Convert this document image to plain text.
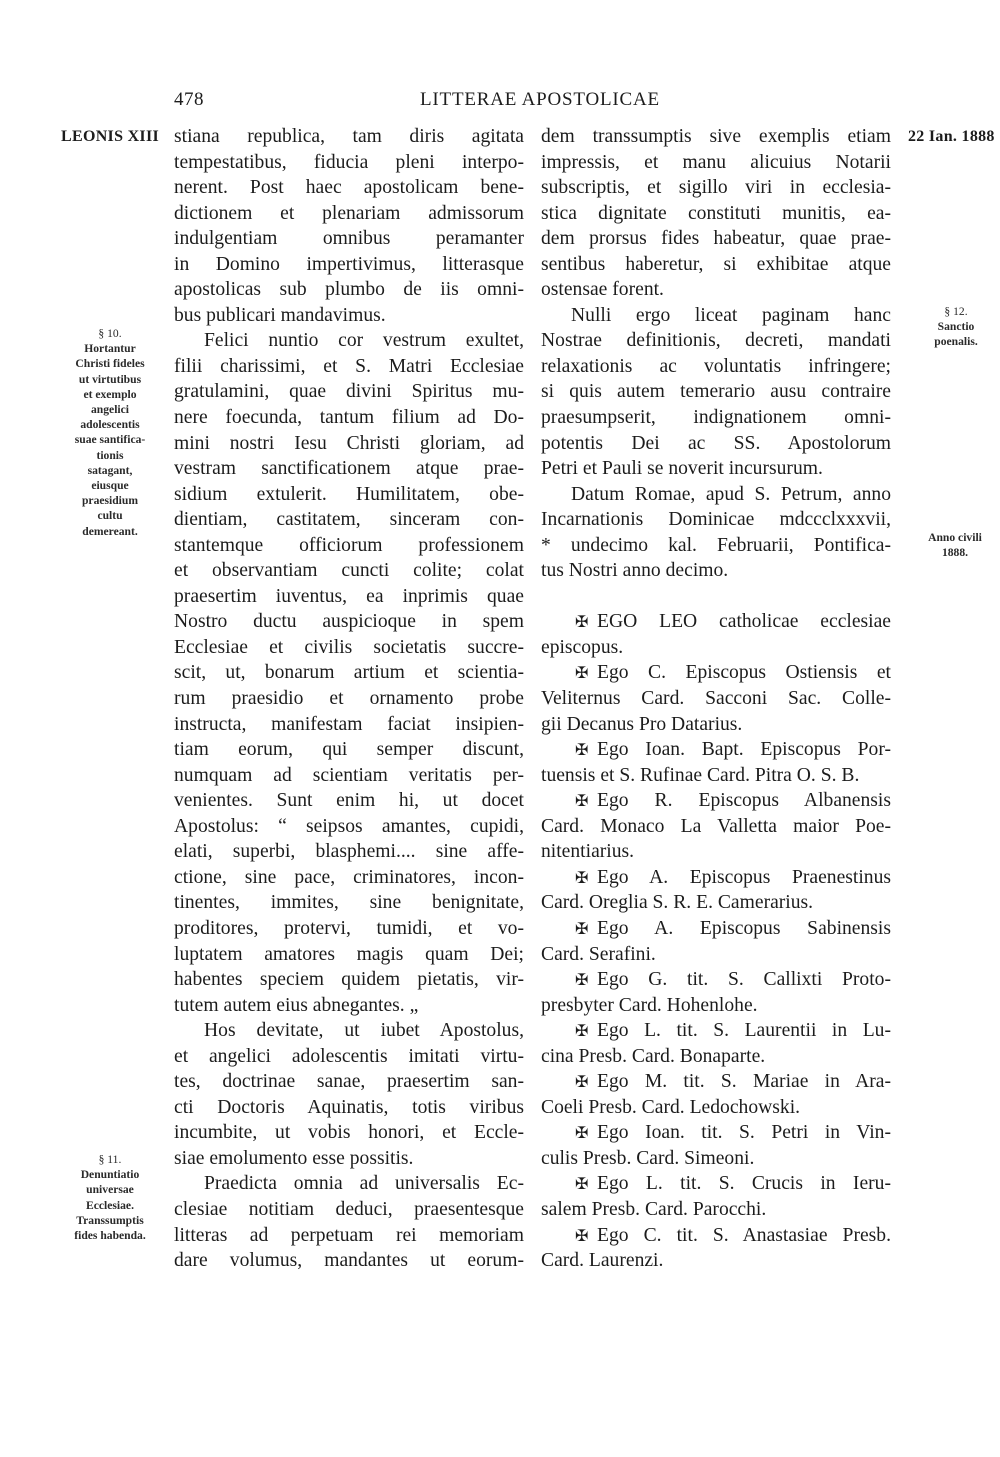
478	LITTERAE APOSTOLICAE
LEONIS XIII	22 Ian. 1888
§ 10.
Hortantur
Christi fideles
ut virtutibus
et exemplo
angelici
adolescentis
suae santifica-
tionis
satagant,
eiusque
praesidium
cultu
demereant.
§ 11.
Denuntiatio
universae
Ecclesiae.
Transsumptis
fides habenda.
§ 12.
Sanctio
poenalis.
Anno civili
1888.
stiana republica, tam diris agitata
tempestatibus, fiducia pleni interpo-
nerent. Post haec apostolicam bene-
dictionem et plenariam admissorum
indulgentiam omnibus peramanter
in Domino impertivimus, litterasque
apostolicas sub plumbo de iis omni-
bus publicari mandavimus.
Felici nuntio cor vestrum exultet,
filii charissimi, et S. Matri Ecclesiae
gratulamini, quae divini Spiritus mu-
nere foecunda, tantum filium ad Do-
mini nostri Iesu Christi gloriam, ad
vestram sanctificationem atque prae-
sidium extulerit. Humilitatem, obe-
dientiam, castitatem, sinceram con-
stantemque officiorum professionem
et observantiam cuncti colite; colat
praesertim iuventus, ea inprimis quae
Nostro ductu auspicioque in spem
Ecclesiae et civilis societatis succre-
scit, ut, bonarum artium et scientia-
rum praesidio et ornamento probe
instructa, manifestam faciat insipien-
tiam eorum, qui semper discunt,
numquam ad scientiam veritatis per-
venientes. Sunt enim hi, ut docet
Apostolus: “ seipsos amantes, cupidi,
elati, superbi, blasphemi.... sine affe-
ctione, sine pace, criminatores, incon-
tinentes, immites, sine benignitate,
proditores, protervi, tumidi, et vo-
luptatem amatores magis quam Dei;
habentes speciem quidem pietatis, vir-
tutem autem eius abnegantes. „
Hos devitate, ut iubet Apostolus,
et angelici adolescentis imitati virtu-
tes, doctrinae sanae, praesertim san-
cti Doctoris Aquinatis, totis viribus
incumbite, ut vobis honori, et Eccle-
siae emolumento esse possitis.
Praedicta omnia ad universalis Ec-
clesiae notitiam deduci, praesentesque
litteras ad perpetuam rei memoriam
dare volumus, mandantes ut eorum-
dem transsumptis sive exemplis etiam
impressis, et manu alicuius Notarii
subscriptis, et sigillo viri in ecclesia-
stica dignitate constituti munitis, ea-
dem prorsus fides habeatur, quae prae-
sentibus haberetur, si exhibitae atque
ostensae forent.
Nulli ergo liceat paginam hanc
Nostrae definitionis, decreti, mandati
relaxationis ac voluntatis infringere;
si quis autem temerario ausu contraire
praesumpserit, indignationem omni-
potentis Dei ac SS. Apostolorum
Petri et Pauli se noverit incursurum.
Datum Romae, apud S. Petrum, anno
Incarnationis Dominicae mdccclxxxvii,
* undecimo kal. Februarii, Pontifica-
tus Nostri anno decimo.
✠ EGO LEO catholicae ecclesiae
episcopus.
✠ Ego C. Episcopus Ostiensis et
Veliternus Card. Sacconi Sac. Colle-
gii Decanus Pro Datarius.
✠ Ego Ioan. Bapt. Episcopus Por-
tuensis et S. Rufinae Card. Pitra O. S. B.
✠ Ego R. Episcopus Albanensis
Card. Monaco La Valletta maior Poe-
nitentiarius.
✠ Ego A. Episcopus Praenestinus
Card. Oreglia S. R. E. Camerarius.
✠ Ego A. Episcopus Sabinensis
Card. Serafini.
✠ Ego G. tit. S. Callixti Proto-
presbyter Card. Hohenlohe.
✠ Ego L. tit. S. Laurentii in Lu-
cina Presb. Card. Bonaparte.
✠ Ego M. tit. S. Mariae in Ara-
Coeli Presb. Card. Ledochowski.
✠ Ego Ioan. tit. S. Petri in Vin-
culis Presb. Card. Simeoni.
✠ Ego L. tit. S. Crucis in Ieru-
salem Presb. Card. Parocchi.
✠ Ego C. tit. S. Anastasiae Presb.
Card. Laurenzi.
